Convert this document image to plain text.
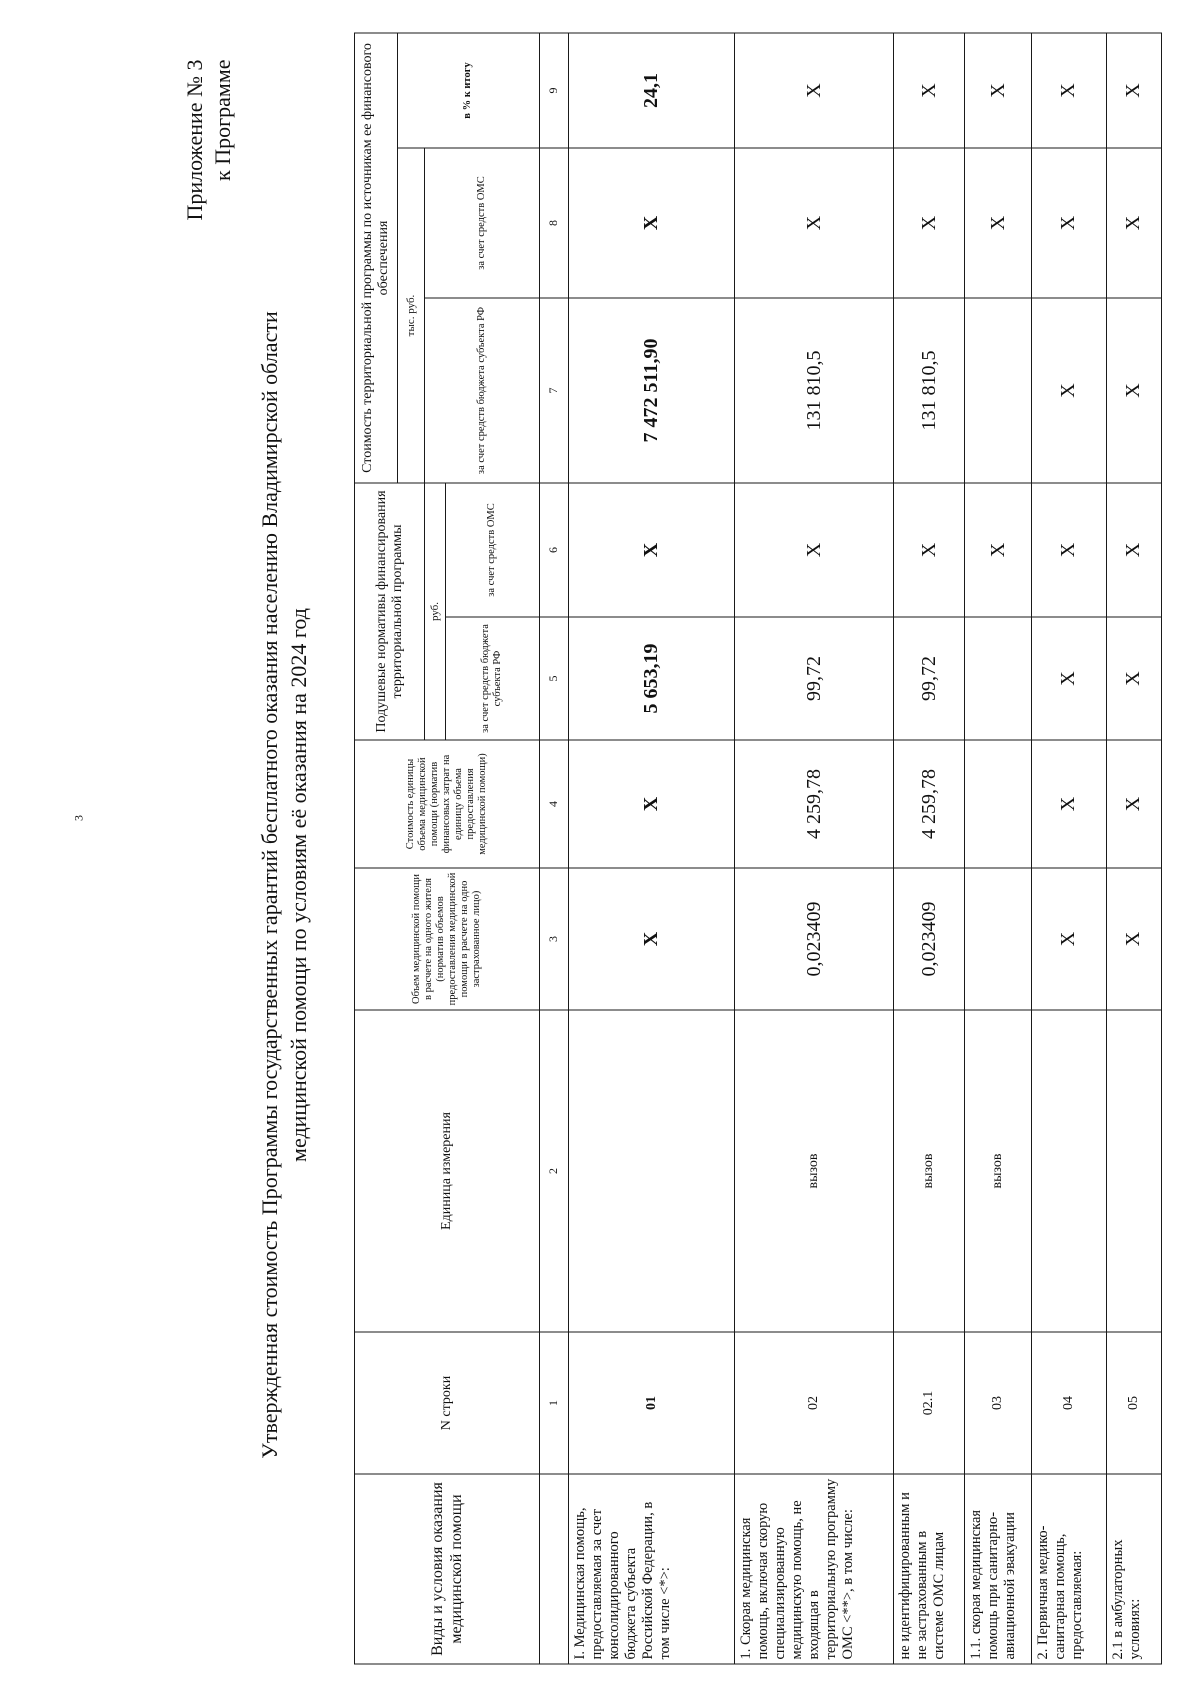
3
Приложение № 3 к Программе
Утвержденная стоимость Программы государственных гарантий бесплатного оказания населению Владимирской области медицинской помощи по условиям её оказания на 2024 год
Виды и условия оказания медицинской помощи	N строки	Единица измерения	Объем медицинской помощи в расчете на одного жителя (норматив объемов предоставления медицинской помощи в расчете на одно застрахованное лицо)	Стоимость единицы объема медицинской помощи (норматив финансовых затрат на единицу объема предоставления медицинской помощи)	Подушевые нормативы финансирования территориальной программы		Стоимость территориальной программы по источникам ее финансового обеспечения		
							тыс. руб.		в % к итогу
					руб.		за счет средств бюджета субъекта РФ	за счет средств ОМС	
					за счет средств бюджета субъекта РФ	за счет средств ОМС			
	1	2	3	4	5	6	7	8	9
I. Медицинская помощь, предоставляемая за счет консолидированного бюджета субъекта Российской Федерации, в том числе <*>:	01		X	X	5 653,19	X	7 472 511,90	X	24,1
1. Скорая медицинская помощь, включая скорую специализированную медицинскую помощь, не входящая в территориальную программу ОМС <**>, в том числе:	02	вызов	0,023409	4 259,78	99,72	X	131 810,5	X	X
не идентифицированным и не застрахованным в системе ОМС лицам	02.1	вызов	0,023409	4 259,78	99,72	X	131 810,5	X	X
1.1. скорая медицинская помощь при санитарно-авиационной эвакуации	03	вызов				X		X	X
2. Первичная медико-санитарная помощь, предоставляемая:	04		X	X	X	X	X	X	X
2.1 в амбулаторных условиях:	05		X	X	X	X	X	X	X
